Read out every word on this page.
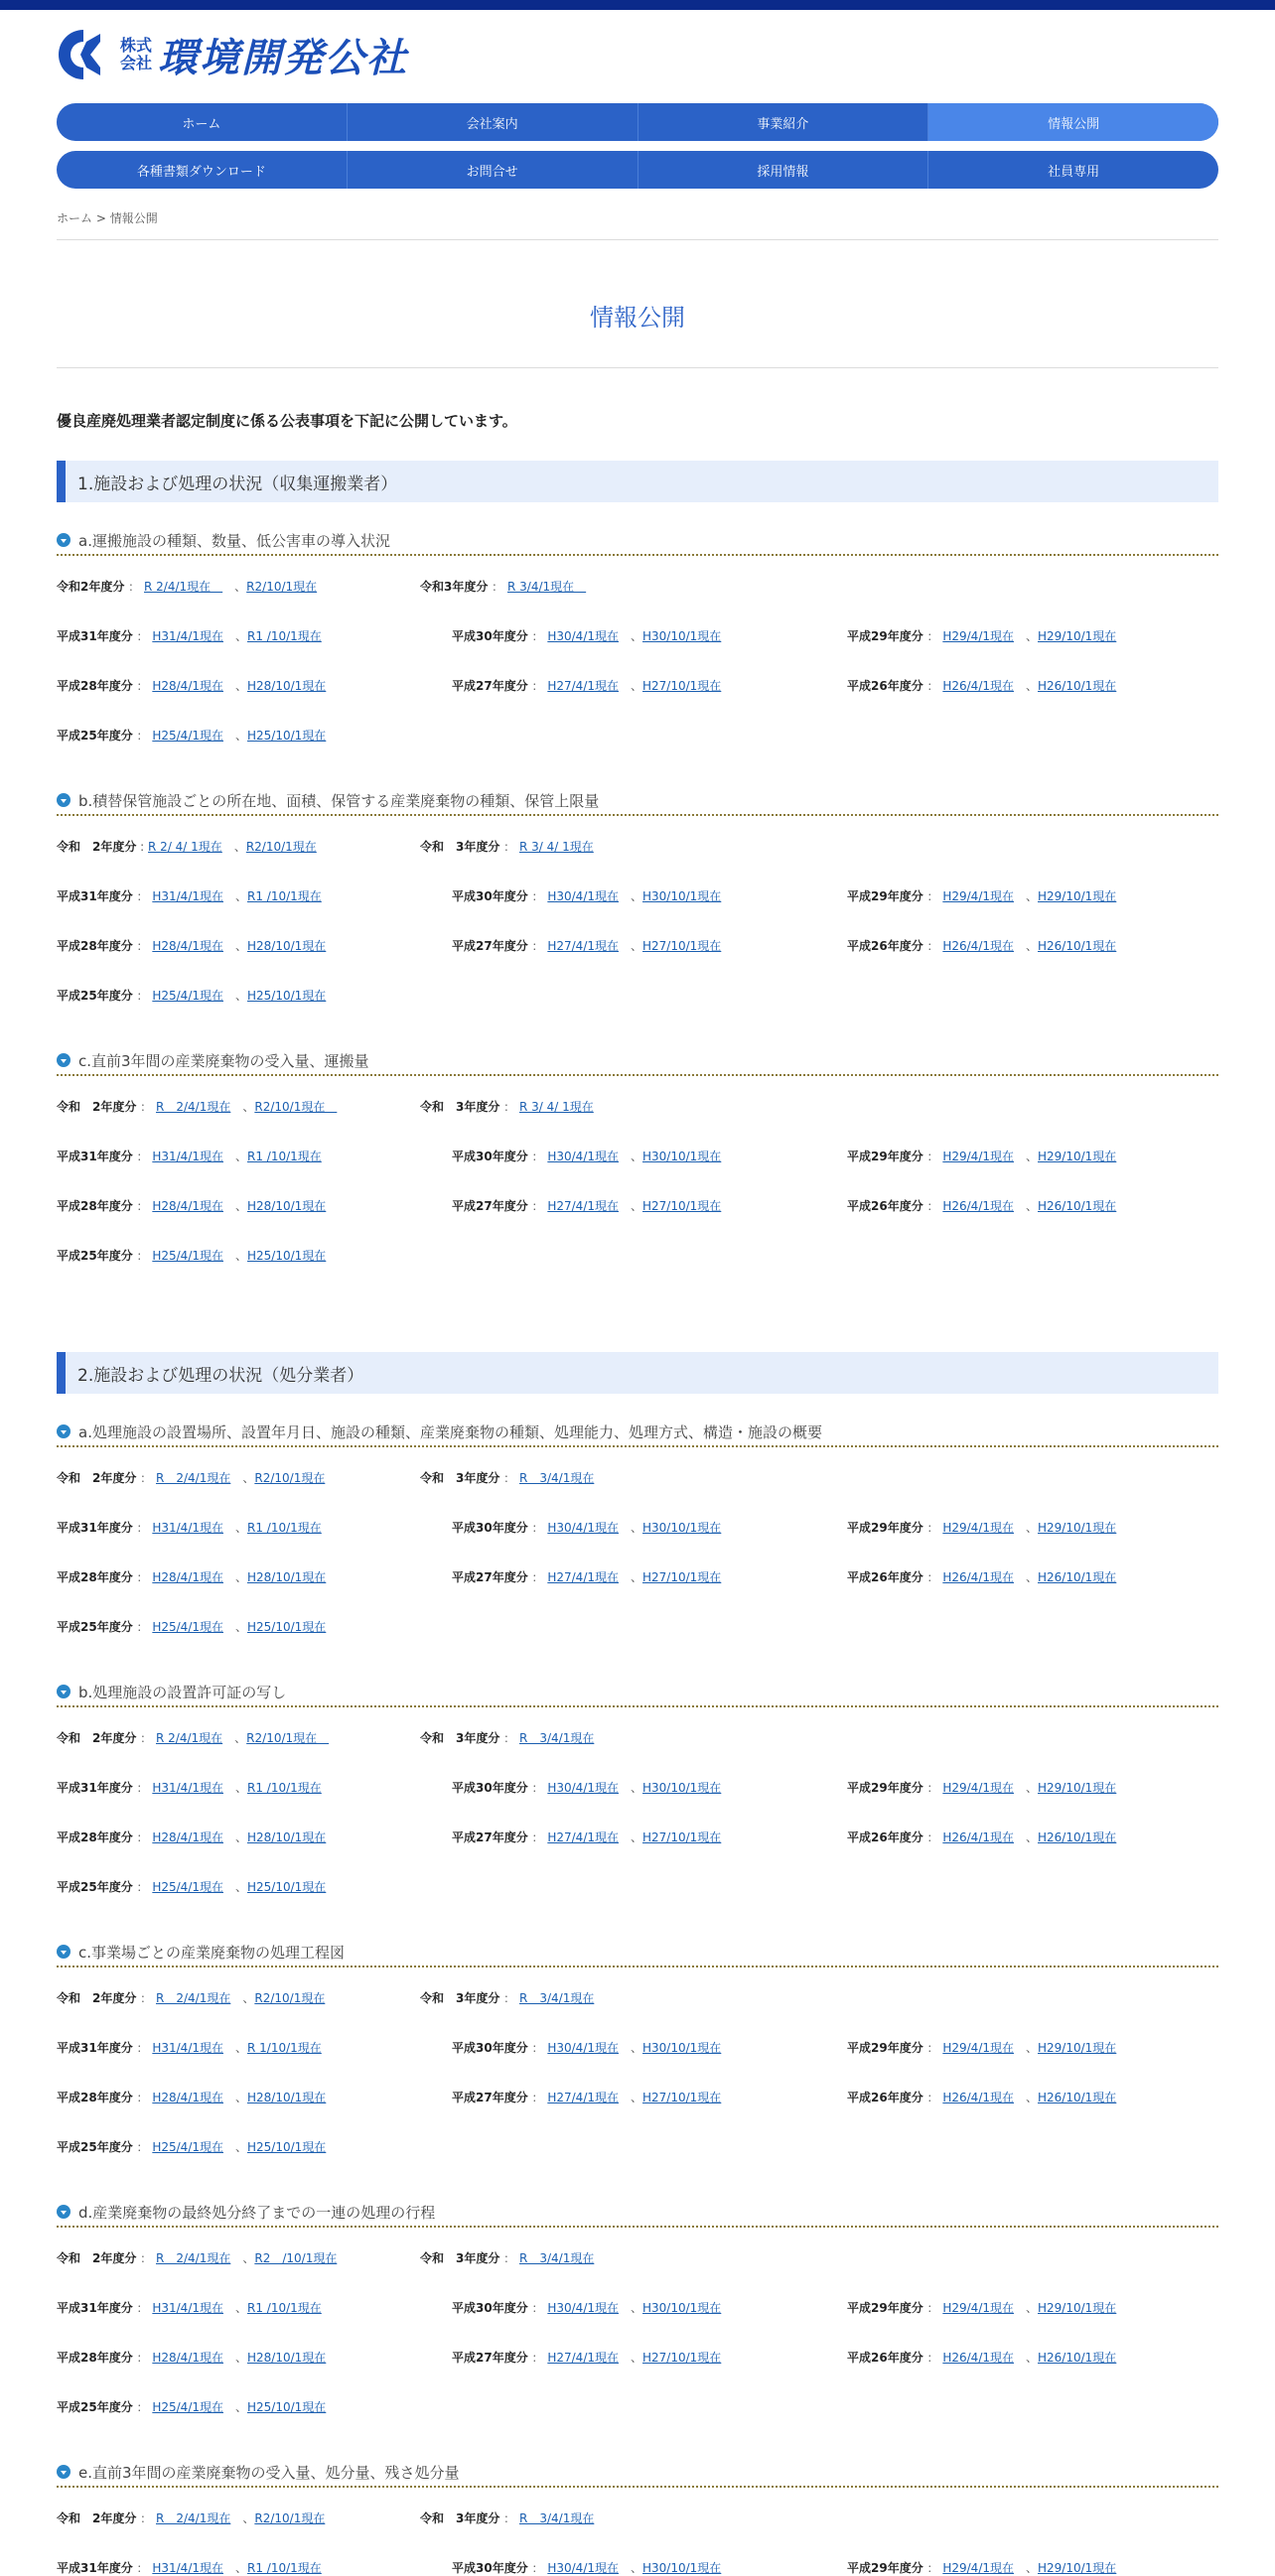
株式
会社 環境開発公社
ホーム	会社案内	事業紹介	情報公開
各種書類ダウンロード	お問合せ	採用情報	社員専用
ホーム > 情報公開
情報公開
優良産廃処理業者認定制度に係る公表事項を下記に公開しています。
1.施設および処理の状況（収集運搬業者）
a.運搬施設の種類、数量、低公害車の導入状況
令和2年度分 ： R 2/4/1現在　　、R2/10/1現在	令和3年度分 ： R 3/4/1現在　
平成31年度分 ： H31/4/1現在　、R1 /10/1現在	平成30年度分 ： H30/4/1現在　、H30/10/1現在	平成29年度分 ： H29/4/1現在　、H29/10/1現在
平成28年度分 ： H28/4/1現在　、H28/10/1現在	平成27年度分 ： H27/4/1現在　、H27/10/1現在	平成26年度分 ： H26/4/1現在　、H26/10/1現在
平成25年度分 ： H25/4/1現在　、H25/10/1現在
b.積替保管施設ごとの所在地、面積、保管する産業廃棄物の種類、保管上限量
令和　2年度分 : R 2/ 4/ 1現在　、R2/10/1現在	令和　3年度分 ： R 3/ 4/ 1現在
平成31年度分 ： H31/4/1現在　、R1 /10/1現在	平成30年度分 ： H30/4/1現在　、H30/10/1現在	平成29年度分 ： H29/4/1現在　、H29/10/1現在
平成28年度分 ： H28/4/1現在　、H28/10/1現在	平成27年度分 ： H27/4/1現在　、H27/10/1現在	平成26年度分 ： H26/4/1現在　、H26/10/1現在
平成25年度分 ： H25/4/1現在　、H25/10/1現在
c.直前3年間の産業廃棄物の受入量、運搬量
令和　2年度分 ： R　2/4/1現在　、R2/10/1現在　	令和　3年度分 ： R 3/ 4/ 1現在
平成31年度分 ： H31/4/1現在　、R1 /10/1現在	平成30年度分 ： H30/4/1現在　、H30/10/1現在	平成29年度分 ： H29/4/1現在　、H29/10/1現在
平成28年度分 ： H28/4/1現在　、H28/10/1現在	平成27年度分 ： H27/4/1現在　、H27/10/1現在	平成26年度分 ： H26/4/1現在　、H26/10/1現在
平成25年度分 ： H25/4/1現在　、H25/10/1現在
2.施設および処理の状況（処分業者）
a.処理施設の設置場所、設置年月日、施設の種類、産業廃棄物の種類、処理能力、処理方式、構造・施設の概要
令和　2年度分 ： R　2/4/1現在　、R2/10/1現在	令和　3年度分 ： R　3/4/1現在
平成31年度分 ： H31/4/1現在　、R1 /10/1現在	平成30年度分 ： H30/4/1現在　、H30/10/1現在	平成29年度分 ： H29/4/1現在　、H29/10/1現在
平成28年度分 ： H28/4/1現在　、H28/10/1現在	平成27年度分 ： H27/4/1現在　、H27/10/1現在	平成26年度分 ： H26/4/1現在　、H26/10/1現在
平成25年度分 ： H25/4/1現在　、H25/10/1現在
b.処理施設の設置許可証の写し
令和　2年度分 ： R 2/4/1現在　、R2/10/1現在　	令和　3年度分 ： R　3/4/1現在
平成31年度分 ： H31/4/1現在　、R1 /10/1現在	平成30年度分 ： H30/4/1現在　、H30/10/1現在	平成29年度分 ： H29/4/1現在　、H29/10/1現在
平成28年度分 ： H28/4/1現在　、H28/10/1現在	平成27年度分 ： H27/4/1現在　、H27/10/1現在	平成26年度分 ： H26/4/1現在　、H26/10/1現在
平成25年度分 ： H25/4/1現在　、H25/10/1現在
c.事業場ごとの産業廃棄物の処理工程図
令和　2年度分 ： R　2/4/1現在　、R2/10/1現在	令和　3年度分 ： R　3/4/1現在
平成31年度分 ： H31/4/1現在　、R 1/10/1現在	平成30年度分 ： H30/4/1現在　、H30/10/1現在	平成29年度分 ： H29/4/1現在　、H29/10/1現在
平成28年度分 ： H28/4/1現在　、H28/10/1現在	平成27年度分 ： H27/4/1現在　、H27/10/1現在	平成26年度分 ： H26/4/1現在　、H26/10/1現在
平成25年度分 ： H25/4/1現在　、H25/10/1現在
d.産業廃棄物の最終処分終了までの一連の処理の行程
令和　2年度分 ： R　2/4/1現在　、R2　/10/1現在	令和　3年度分 ： R　3/4/1現在
平成31年度分 ： H31/4/1現在　、R1 /10/1現在	平成30年度分 ： H30/4/1現在　、H30/10/1現在	平成29年度分 ： H29/4/1現在　、H29/10/1現在
平成28年度分 ： H28/4/1現在　、H28/10/1現在	平成27年度分 ： H27/4/1現在　、H27/10/1現在	平成26年度分 ： H26/4/1現在　、H26/10/1現在
平成25年度分 ： H25/4/1現在　、H25/10/1現在
e.直前3年間の産業廃棄物の受入量、処分量、残さ処分量
令和　2年度分 ： R　2/4/1現在　、R2/10/1現在	令和　3年度分 ： R　3/4/1現在
平成31年度分 ： H31/4/1現在　、R1 /10/1現在	平成30年度分 ： H30/4/1現在　、H30/10/1現在	平成29年度分 ： H29/4/1現在　、H29/10/1現在
